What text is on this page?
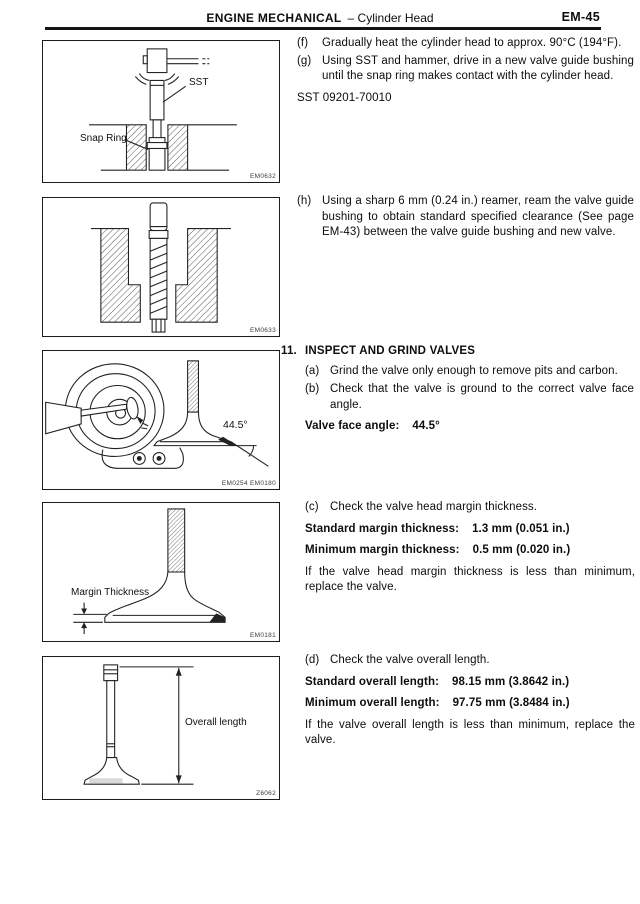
ENGINE MECHANICAL – Cylinder Head	EM-45
SST
Snap Ring
EM0632
EM0633
44.5°
EM0254 EM0180
Margin Thickness
EM0181
Overall length
Z6062
(f)	Gradually heat the cylinder head to approx. 90°C (194°F).
(g) Using SST and hammer, drive in a new valve guide bushing until the snap ring makes contact with the cylinder head.
SST 09201-70010
(h) Using a sharp 6 mm (0.24 in.) reamer, ream the valve guide bushing to obtain standard specified clearance (See page EM-43) between the valve guide bushing and new valve.
11. INSPECT AND GRIND VALVES
(a) Grind the valve only enough to remove pits and carbon.
(b) Check that the valve is ground to the correct valve face angle.
Valve face angle: 44.5°
(c) Check the valve head margin thickness.
Standard margin thickness: 1.3 mm (0.051 in.)
Minimum margin thickness: 0.5 mm (0.020 in.)
If the valve head margin thickness is less than minimum, replace the valve.
(d) Check the valve overall length.
Standard overall length: 98.15 mm (3.8642 in.)
Minimum overall length: 97.75 mm (3.8484 in.)
If the valve overall length is less than minimum, replace the valve.
